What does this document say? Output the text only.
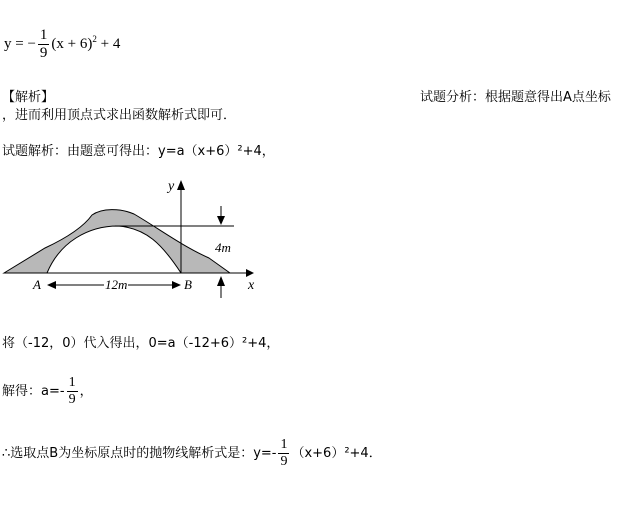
y = − $\frac{1}{9} (x + 6)^2 + 4$
【解析】	试题分析：根据题意得出A点坐标
，进而利用顶点式求出函数解析式即可．
试题解析：由题意可得出：y=a（x+6）²+4，
y
x
A	B
12m
4m
将（-12，0）代入得出，0=a（-12+6）²+4，
解得：$a=- \frac{1}{9}$ ，
∴选取点B为坐标原点时的抛物线解析式是：$y=- \frac{1}{9} (x+6)^2+4$．
